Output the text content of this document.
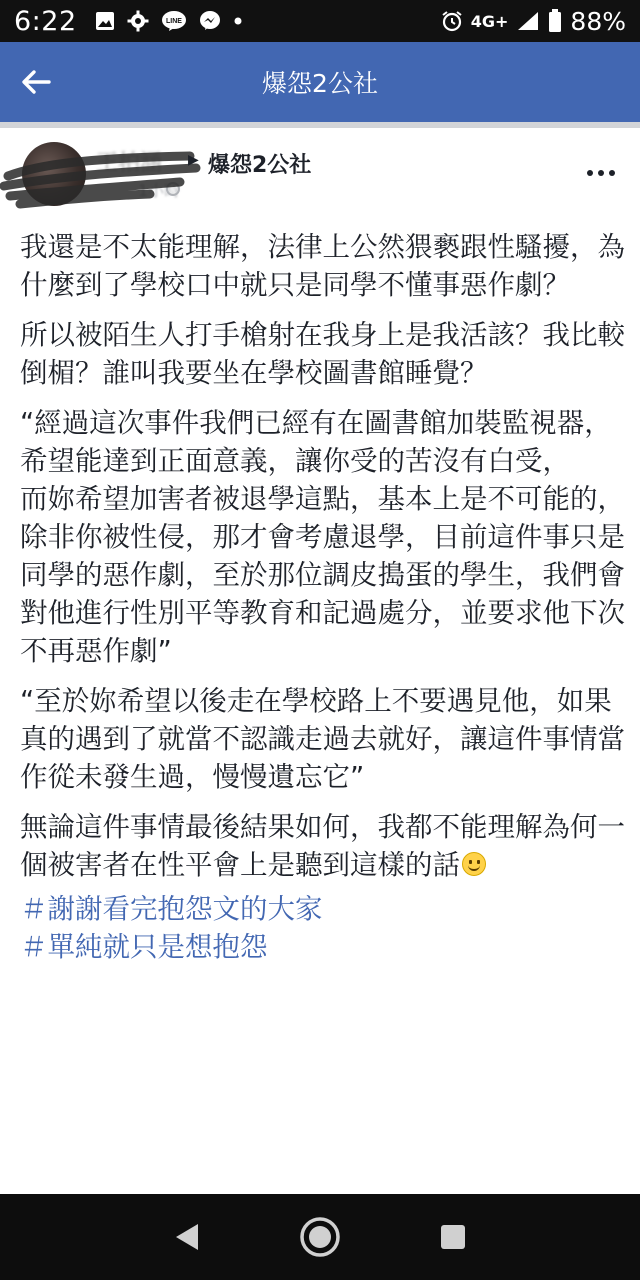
6:22	LINE	4G+ 88%
爆怨2公社
王柏涵
1小時
▶ 爆怨2公社

我還是不太能理解，法律上公然猥褻跟性騷擾，為什麼到了學校口中就只是同學不懂事惡作劇？

所以被陌生人打手槍射在我身上是我活該？我比較倒楣？誰叫我要坐在學校圖書館睡覺？

“經過這次事件我們已經有在圖書館加裝監視器，希望能達到正面意義，讓你受的苦沒有白受，
而妳希望加害者被退學這點，基本上是不可能的，除非你被性侵，那才會考慮退學，目前這件事只是同學的惡作劇，至於那位調皮搗蛋的學生，我們會對他進行性別平等教育和記過處分，並要求他下次不再惡作劇”

“至於妳希望以後走在學校路上不要遇見他，如果真的遇到了就當不認識走過去就好，讓這件事情當作從未發生過，慢慢遺忘它”

無論這件事情最後結果如何，我都不能理解為何一個被害者在性平會上是聽到這樣的話

＃謝謝看完抱怨文的大家
＃單純就只是想抱怨
